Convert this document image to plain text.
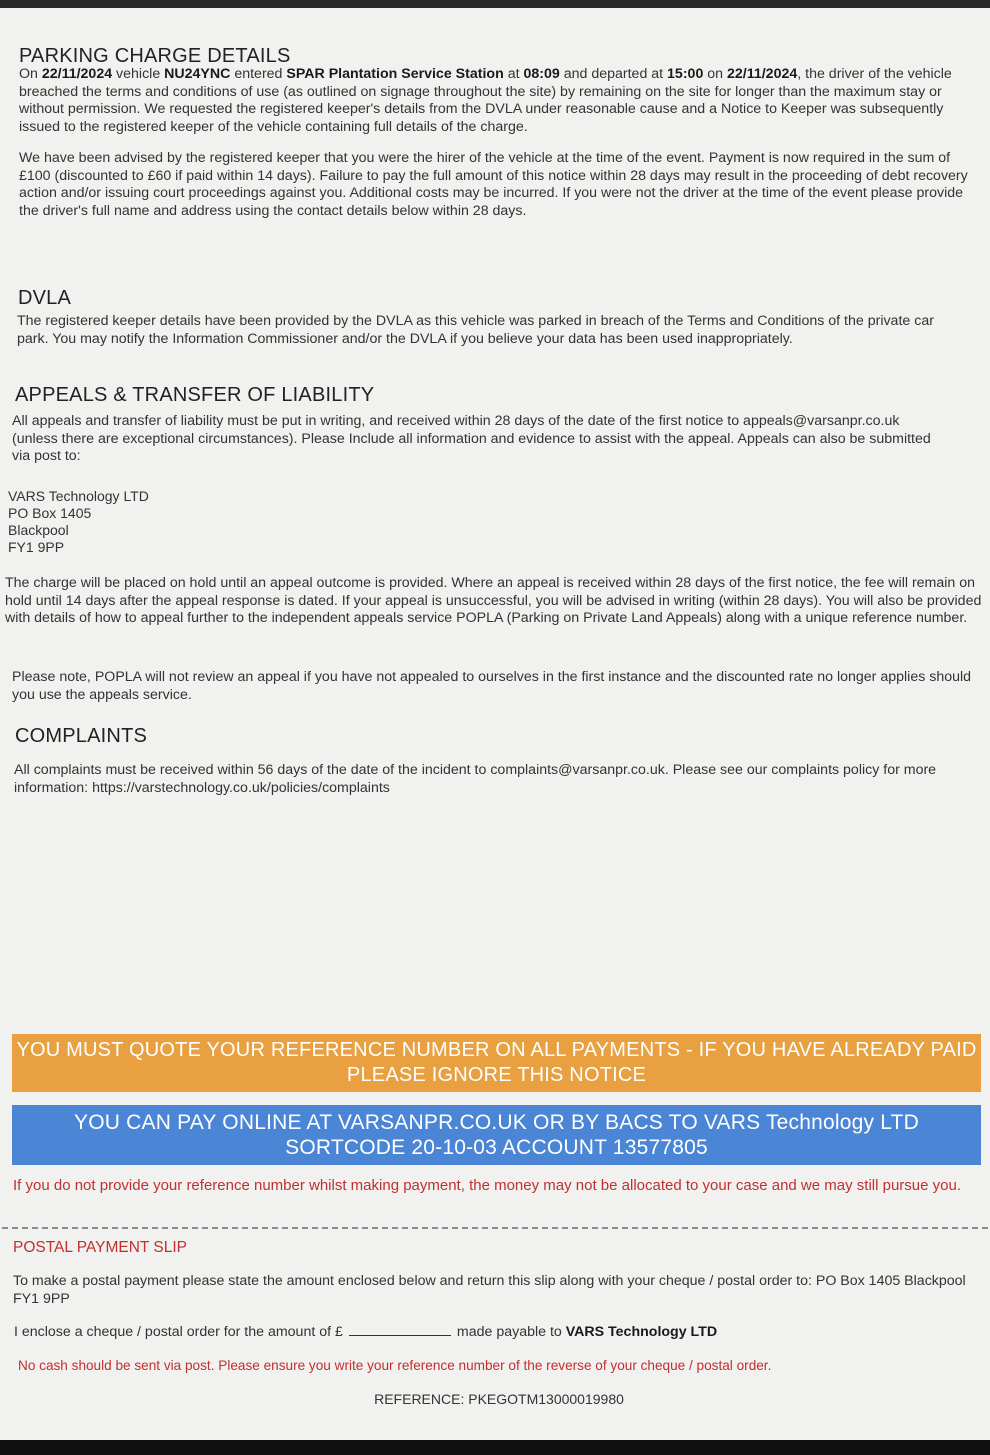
PARKING CHARGE DETAILS

On 22/11/2024 vehicle NU24YNC entered SPAR Plantation Service Station at 08:09 and departed at 15:00 on 22/11/2024, the driver of the vehicle breached the terms and conditions of use (as outlined on signage throughout the site) by remaining on the site for longer than the maximum stay or without permission. We requested the registered keeper's details from the DVLA under reasonable cause and a Notice to Keeper was subsequently issued to the registered keeper of the vehicle containing full details of the charge.

We have been advised by the registered keeper that you were the hirer of the vehicle at the time of the event. Payment is now required in the sum of £100 (discounted to £60 if paid within 14 days). Failure to pay the full amount of this notice within 28 days may result in the proceeding of debt recovery action and/or issuing court proceedings against you. Additional costs may be incurred. If you were not the driver at the time of the event please provide the driver's full name and address using the contact details below within 28 days.

DVLA

The registered keeper details have been provided by the DVLA as this vehicle was parked in breach of the Terms and Conditions of the private car park. You may notify the Information Commissioner and/or the DVLA if you believe your data has been used inappropriately.

APPEALS & TRANSFER OF LIABILITY

All appeals and transfer of liability must be put in writing, and received within 28 days of the date of the first notice to appeals@varsanpr.co.uk (unless there are exceptional circumstances). Please Include all information and evidence to assist with the appeal. Appeals can also be submitted via post to:

VARS Technology LTD
PO Box 1405
Blackpool
FY1 9PP

The charge will be placed on hold until an appeal outcome is provided. Where an appeal is received within 28 days of the first notice, the fee will remain on hold until 14 days after the appeal response is dated. If your appeal is unsuccessful, you will be advised in writing (within 28 days). You will also be provided with details of how to appeal further to the independent appeals service POPLA (Parking on Private Land Appeals) along with a unique reference number.

Please note, POPLA will not review an appeal if you have not appealed to ourselves in the first instance and the discounted rate no longer applies should you use the appeals service.

COMPLAINTS

All complaints must be received within 56 days of the date of the incident to complaints@varsanpr.co.uk. Please see our complaints policy for more information: https://varstechnology.co.uk/policies/complaints

YOU MUST QUOTE YOUR REFERENCE NUMBER ON ALL PAYMENTS - IF YOU HAVE ALREADY PAID PLEASE IGNORE THIS NOTICE
YOU CAN PAY ONLINE AT VARSANPR.CO.UK OR BY BACS TO VARS Technology LTD
SORTCODE 20-10-03 ACCOUNT 13577805

If you do not provide your reference number whilst making payment, the money may not be allocated to your case and we may still pursue you.

POSTAL PAYMENT SLIP

To make a postal payment please state the amount enclosed below and return this slip along with your cheque / postal order to: PO Box 1405 Blackpool FY1 9PP

I enclose a cheque / postal order for the amount of £	made payable to VARS Technology LTD

No cash should be sent via post. Please ensure you write your reference number of the reverse of your cheque / postal order.

REFERENCE: PKEGOTM13000019980
